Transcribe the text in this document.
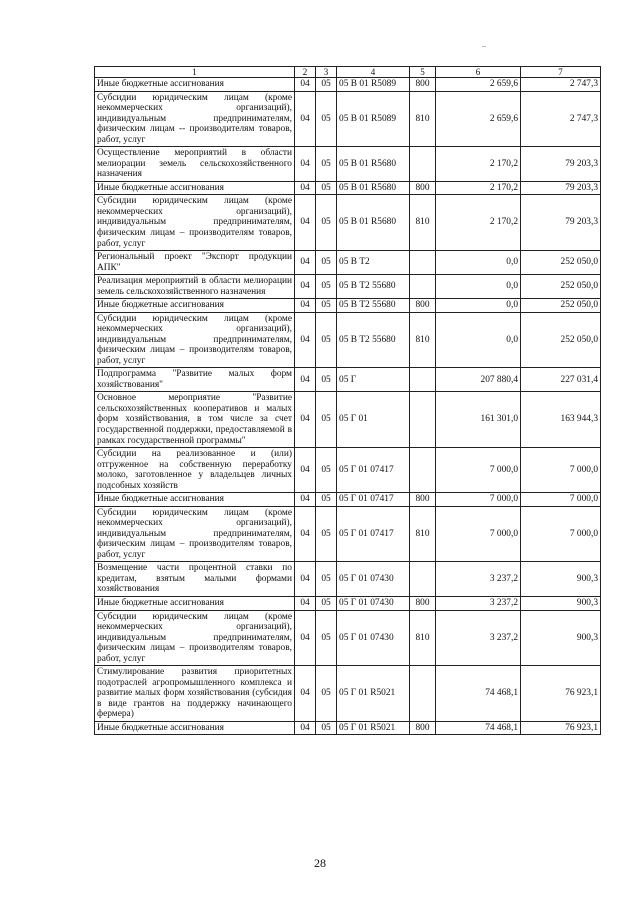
..
1	2	3	4	5	6	7
Иные бюджетные ассигнования	04	05	05 В 01 R5089	800	2 659,6	2 747,3
Субсидии юридическим лицам (кроме некоммерческих организаций), индивидуальным предпринимателям, физическим лицам -- производителям товаров, работ, услуг	04	05	05 В 01 R5089	810	2 659,6	2 747,3
Осуществление мероприятий в области мелиорации земель сельскохозяйственного назначения	04	05	05 В 01 R5680		2 170,2	79 203,3
Иные бюджетные ассигнования	04	05	05 В 01 R5680	800	2 170,2	79 203,3
Субсидии юридическим лицам (кроме некоммерческих организаций), индивидуальным предпринимателям, физическим лицам – производителям товаров, работ, услуг	04	05	05 В 01 R5680	810	2 170,2	79 203,3
Региональный проект "Экспорт продукции АПК"	04	05	05 В Т2		0,0	252 050,0
Реализация мероприятий в области мелиорации земель сельскохозяйственного назначения	04	05	05 В Т2 55680		0,0	252 050,0
Иные бюджетные ассигнования	04	05	05 В Т2 55680	800	0,0	252 050,0
Субсидии юридическим лицам (кроме некоммерческих организаций), индивидуальным предпринимателям, физическим лицам – производителям товаров, работ, услуг	04	05	05 В Т2 55680	810	0,0	252 050,0
Подпрограмма "Развитие малых форм хозяйствования"	04	05	05 Г		207 880,4	227 031,4
Основное мероприятие "Развитие сельскохозяйственных кооперативов и малых форм хозяйствования, в том числе за счет государственной поддержки, предоставляемой в рамках государственной программы"	04	05	05 Г 01		161 301,0	163 944,3
Субсидии на реализованное и (или) отгруженное на собственную переработку молоко, заготовленное у владельцев личных подсобных хозяйств	04	05	05 Г 01 07417		7 000,0	7 000,0
Иные бюджетные ассигнования	04	05	05 Г 01 07417	800	7 000,0	7 000,0
Субсидии юридическим лицам (кроме некоммерческих организаций), индивидуальным предпринимателям, физическим лицам – производителям товаров, работ, услуг	04	05	05 Г 01 07417	810	7 000,0	7 000,0
Возмещение части процентной ставки по кредитам, взятым малыми формами хозяйствования	04	05	05 Г 01 07430		3 237,2	900,3
Иные бюджетные ассигнования	04	05	05 Г 01 07430	800	3 237,2	900,3
Субсидии юридическим лицам (кроме некоммерческих организаций), индивидуальным предпринимателям, физическим лицам – производителям товаров, работ, услуг	04	05	05 Г 01 07430	810	3 237,2	900,3
Стимулирование развития приоритетных подотраслей агропромышленного комплекса и развитие малых форм хозяйствования (субсидия в виде грантов на поддержку начинающего фермера)	04	05	05 Г 01 R5021		74 468,1	76 923,1
Иные бюджетные ассигнования	04	05	05 Г 01 R5021	800	74 468,1	76 923,1
28
